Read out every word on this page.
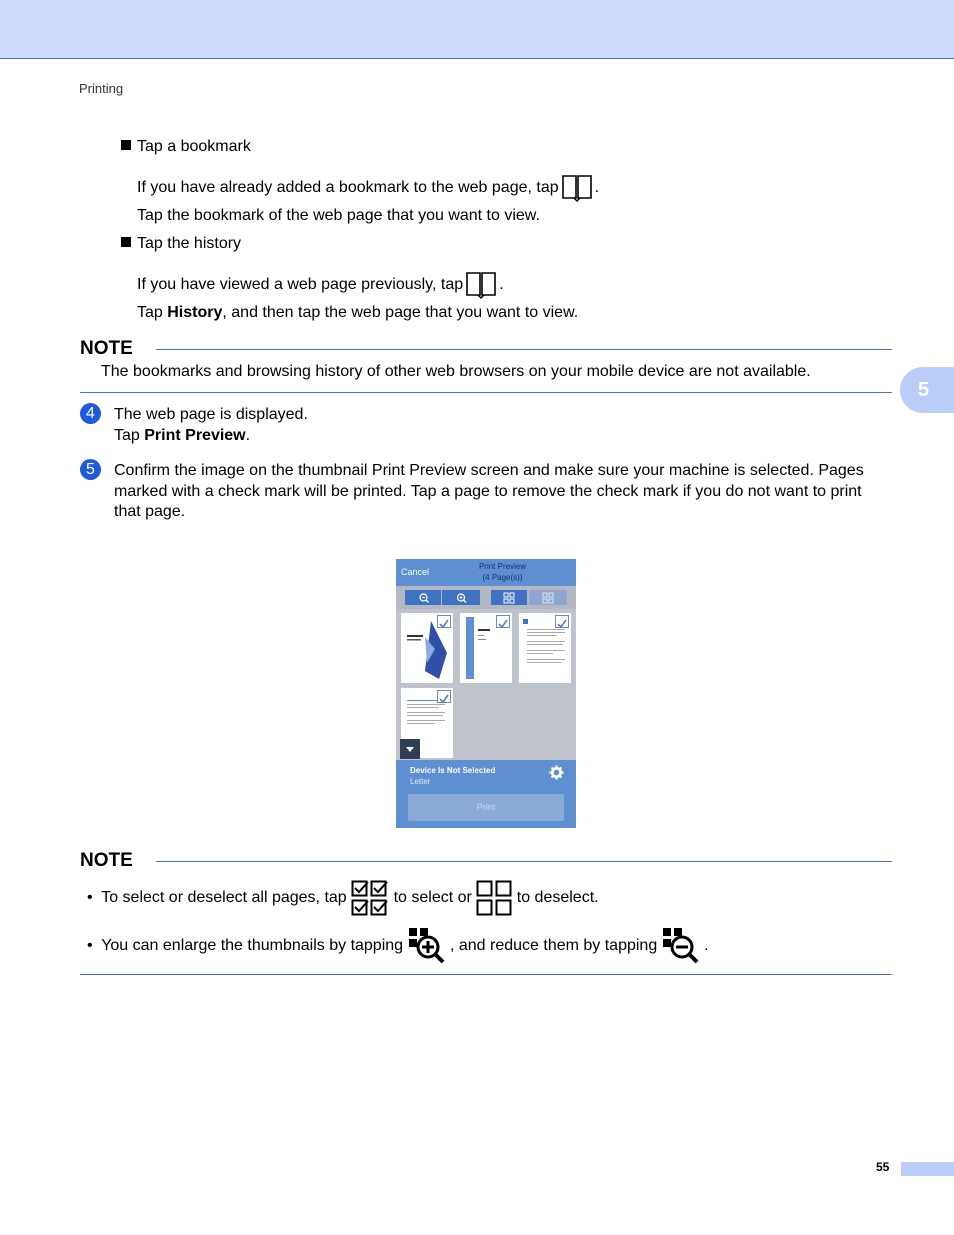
Printing
Tap a bookmark
If you have already added a bookmark to the web page, tap .
Tap the bookmark of the web page that you want to view.
Tap the history
If you have viewed a web page previously, tap .
Tap History, and then tap the web page that you want to view.
NOTE
The bookmarks and browsing history of other web browsers on your mobile device are not available.
5
4	The web page is displayed.
Tap Print Preview.
5	Confirm the image on the thumbnail Print Preview screen and make sure your machine is selected. Pages marked with a check mark will be printed. Tap a page to remove the check mark if you do not want to print that page.
Cancel
Print Preview
(4 Page(s))
Device Is Not Selected
Letter
Print
NOTE
•  To select or deselect all pages, tap	to select or	to deselect.
•  You can enlarge the thumbnails by tapping	, and reduce them by tapping	.
55
